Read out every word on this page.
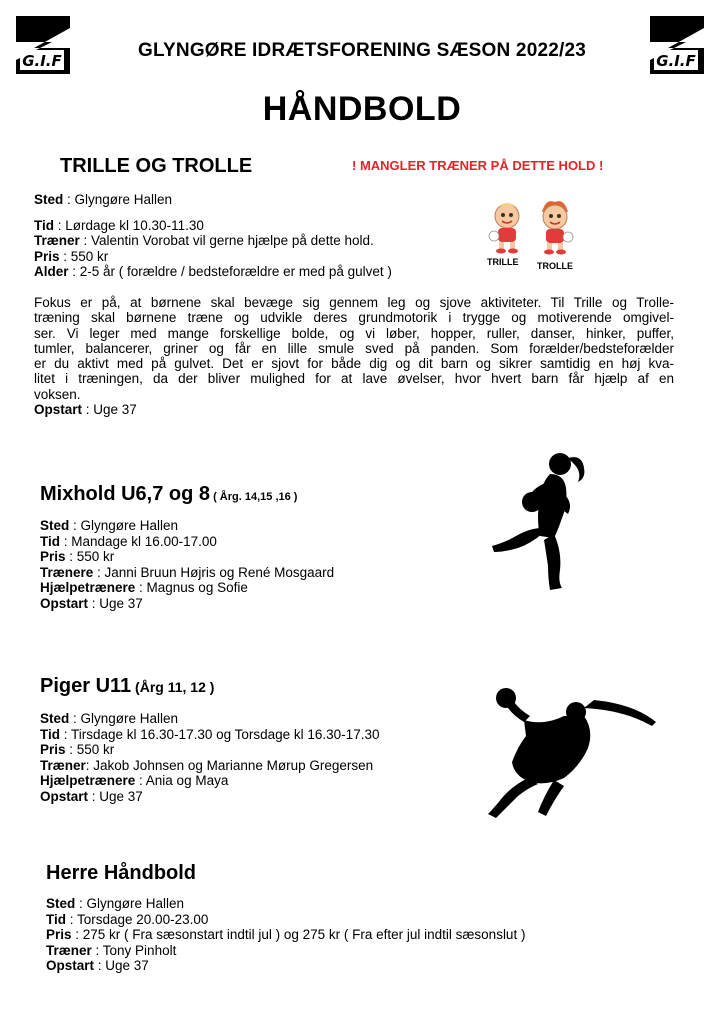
G.I.F	G.I.F
GLYNGØRE IDRÆTSFORENING SÆSON 2022/23
HÅNDBOLD
TRILLE OG TROLLE	! MANGLER TRÆNER PÅ DETTE HOLD !
Sted : Glyngøre Hallen
Tid : Lørdage kl 10.30-11.30
Træner : Valentin Vorobat vil gerne hjælpe på dette hold.
Pris : 550 kr
Alder : 2-5 år ( forældre / bedsteforældre er med på gulvet )
TRILLE TROLLE
Fokus er på, at børnene skal bevæge sig gennem leg og sjove aktiviteter. Til Trille og Trolle-
træning skal børnene træne og udvikle deres grundmotorik i trygge og motiverende omgivel-
ser. Vi leger med mange forskellige bolde, og vi løber, hopper, ruller, danser, hinker, puffer,
tumler, balancerer, griner og får en lille smule sved på panden. Som forælder/bedsteforælder
er du aktivt med på gulvet. Det er sjovt for både dig og dit barn og sikrer samtidig en høj kva-
litet i træningen, da der bliver mulighed for at lave øvelser, hvor hvert barn får hjælp af en
voksen.
Opstart : Uge 37
Mixhold U6,7 og 8 ( Årg. 14,15 ,16 )
Sted : Glyngøre Hallen
Tid : Mandage kl 16.00-17.00
Pris : 550 kr
Trænere : Janni Bruun Højris og René Mosgaard
Hjælpetrænere : Magnus og Sofie
Opstart : Uge 37
Piger U11 (Årg 11, 12 )
Sted : Glyngøre Hallen
Tid : Tirsdage kl 16.30-17.30 og Torsdage kl 16.30-17.30
Pris : 550 kr
Træner: Jakob Johnsen og Marianne Mørup Gregersen
Hjælpetrænere : Ania og Maya
Opstart : Uge 37
Herre Håndbold
Sted : Glyngøre Hallen
Tid : Torsdage 20.00-23.00
Pris : 275 kr ( Fra sæsonstart indtil jul ) og 275 kr ( Fra efter jul indtil sæsonslut )
Træner : Tony Pinholt
Opstart : Uge 37
